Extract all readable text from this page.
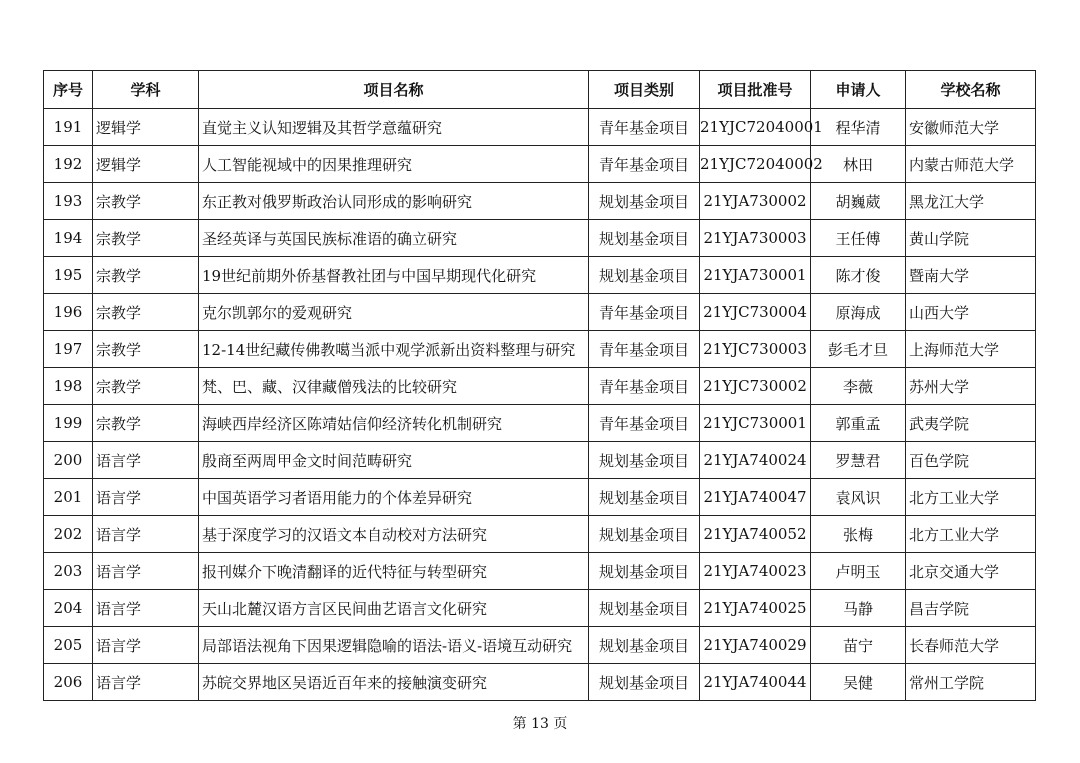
序号	学科	项目名称	项目类别	项目批准号	申请人	学校名称
191	逻辑学	直觉主义认知逻辑及其哲学意蕴研究	青年基金项目	21YJC72040001	程华清	安徽师范大学
192	逻辑学	人工智能视域中的因果推理研究	青年基金项目	21YJC72040002	林田	内蒙古师范大学
193	宗教学	东正教对俄罗斯政治认同形成的影响研究	规划基金项目	21YJA730002	胡巍葳	黑龙江大学
194	宗教学	圣经英译与英国民族标准语的确立研究	规划基金项目	21YJA730003	王任傅	黄山学院
195	宗教学	19世纪前期外侨基督教社团与中国早期现代化研究	规划基金项目	21YJA730001	陈才俊	暨南大学
196	宗教学	克尔凯郭尔的爱观研究	青年基金项目	21YJC730004	原海成	山西大学
197	宗教学	12-14世纪藏传佛教噶当派中观学派新出资料整理与研究	青年基金项目	21YJC730003	彭毛才旦	上海师范大学
198	宗教学	梵、巴、藏、汉律藏僧残法的比较研究	青年基金项目	21YJC730002	李薇	苏州大学
199	宗教学	海峡西岸经济区陈靖姑信仰经济转化机制研究	青年基金项目	21YJC730001	郭重孟	武夷学院
200	语言学	殷商至两周甲金文时间范畴研究	规划基金项目	21YJA740024	罗慧君	百色学院
201	语言学	中国英语学习者语用能力的个体差异研究	规划基金项目	21YJA740047	袁风识	北方工业大学
202	语言学	基于深度学习的汉语文本自动校对方法研究	规划基金项目	21YJA740052	张梅	北方工业大学
203	语言学	报刊媒介下晚清翻译的近代特征与转型研究	规划基金项目	21YJA740023	卢明玉	北京交通大学
204	语言学	天山北麓汉语方言区民间曲艺语言文化研究	规划基金项目	21YJA740025	马静	昌吉学院
205	语言学	局部语法视角下因果逻辑隐喻的语法-语义-语境互动研究	规划基金项目	21YJA740029	苗宁	长春师范大学
206	语言学	苏皖交界地区吴语近百年来的接触演变研究	规划基金项目	21YJA740044	吴健	常州工学院
第 13 页
